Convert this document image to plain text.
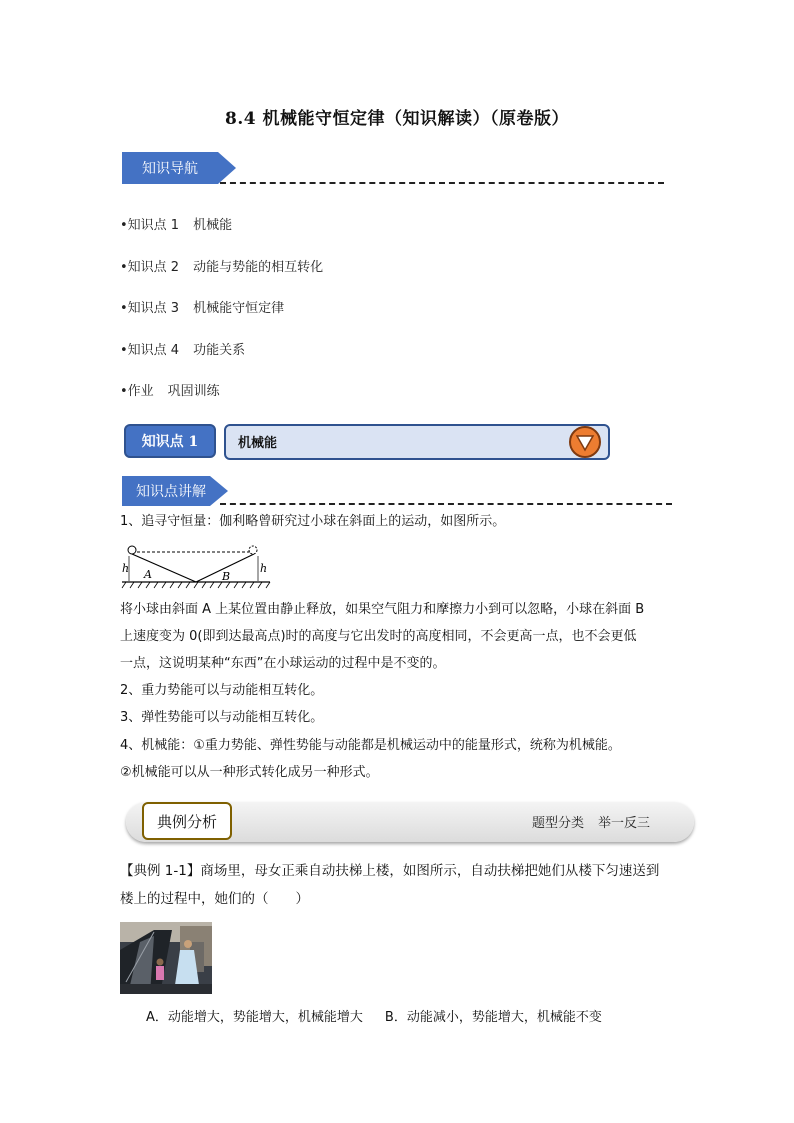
8.4 机械能守恒定律（知识解读）（原卷版）
知识导航
•知识点 1 机械能
•知识点 2 动能与势能的相互转化
•知识点 3 机械能守恒定律
•知识点 4 功能关系
•作业 巩固训练
知识点 1	机械能
知识点讲解
1、追寻守恒量：伽利略曾研究过小球在斜面上的运动，如图所示。
h	h
A	B
将小球由斜面 A 上某位置由静止释放，如果空气阻力和摩擦力小到可以忽略，小球在斜面 B
上速度变为 0(即到达最高点)时的高度与它出发时的高度相同，不会更高一点，也不会更低
一点，这说明某种“东西”在小球运动的过程中是不变的。
2、重力势能可以与动能相互转化。
3、弹性势能可以与动能相互转化。
4、机械能：①重力势能、弹性势能与动能都是机械运动中的能量形式，统称为机械能。
②机械能可以从一种形式转化成另一种形式。
典例分析	题型分类 举一反三
【典例 1-1】商场里，母女正乘自动扶梯上楼，如图所示，自动扶梯把她们从楼下匀速送到
楼上的过程中，她们的（　　）
A．动能增大，势能增大，机械能增大 B．动能减小，势能增大，机械能不变
